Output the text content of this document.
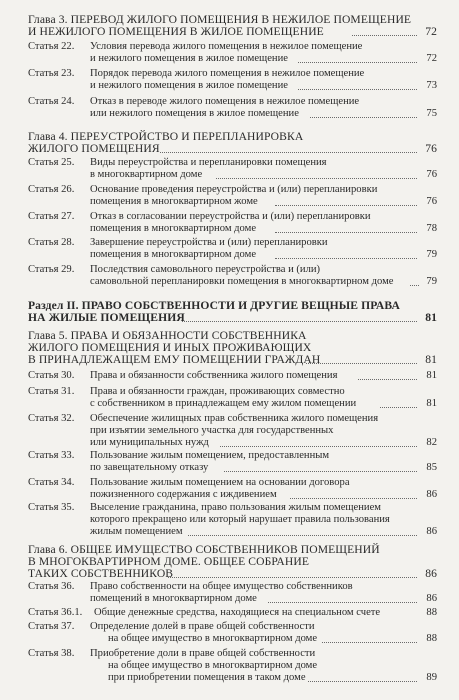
Глава 3. ПЕРЕВОД ЖИЛОГО ПОМЕЩЕНИЯ В НЕЖИЛОЕ ПОМЕЩЕНИЕ
И НЕЖИЛОГО ПОМЕЩЕНИЯ В ЖИЛОЕ ПОМЕЩЕНИЕ	72
Статья 22. Условия перевода жилого помещения в нежилое помещение
и нежилого помещения в жилое помещение	72
Статья 23. Порядок перевода жилого помещения в нежилое помещение
и нежилого помещения в жилое помещение	73
Статья 24. Отказ в переводе жилого помещения в нежилое помещение
или нежилого помещения в жилое помещение	75
Глава 4. ПЕРЕУСТРОЙСТВО И ПЕРЕПЛАНИРОВКА
ЖИЛОГО ПОМЕЩЕНИЯ	76
Статья 25. Виды переустройства и перепланировки помещения
в многоквартирном доме	76
Статья 26. Основание проведения переустройства и (или) перепланировки
помещения в многоквартирном жоме	76
Статья 27. Отказ в согласовании переустройства и (или) перепланировки
помещения в многоквартирном доме	78
Статья 28. Завершение переустройства и (или) перепланировки
помещения в многоквартирном доме	79
Статья 29. Последствия самовольного переустройства и (или)
самовольной перепланировки помещения в многоквартирном доме	79
Раздел II. ПРАВО СОБСТВЕННОСТИ И ДРУГИЕ ВЕЩНЫЕ ПРАВА
НА ЖИЛЫЕ ПОМЕЩЕНИЯ	81
Глава 5. ПРАВА И ОБЯЗАННОСТИ СОБСТВЕННИКА
ЖИЛОГО ПОМЕЩЕНИЯ И ИНЫХ ПРОЖИВАЮЩИХ
В ПРИНАДЛЕЖАЩЕМ ЕМУ ПОМЕЩЕНИИ ГРАЖДАН	81
Статья 30. Права и обязанности собственника жилого помещения	81
Статья 31. Права и обязанности граждан, проживающих совместно
с собственником в принадлежащем ему жилом помещении	81
Статья 32. Обеспечение жилищных прав собственника жилого помещения
при изъятии земельного участка для государственных
или муниципальных нужд	82
Статья 33. Пользование жилым помещением, предоставленным
по завещательному отказу	85
Статья 34. Пользование жилым помещением на основании договора
пожизненного содержания с иждивением	86
Статья 35. Выселение гражданина, право пользования жилым помещением
которого прекращено или который нарушает правила пользования
жилым помещением	86
Глава 6. ОБЩЕЕ ИМУЩЕСТВО СОБСТВЕННИКОВ ПОМЕЩЕНИЙ
В МНОГОКВАРТИРНОМ ДОМЕ. ОБЩЕЕ СОБРАНИЕ
ТАКИХ СОБСТВЕННИКОВ	86
Статья 36. Право собственности на общее имущество собственников
помещений в многоквартирном доме	86
Статья 36.1. Общие денежные средства, находящиеся на специальном счете	88
Статья 37. Определение долей в праве общей собственности
на общее имущество в многоквартирном доме	88
Статья 38. Приобретение доли в праве общей собственности
на общее имущество в многоквартирном доме
при приобретении помещения в таком доме	89
